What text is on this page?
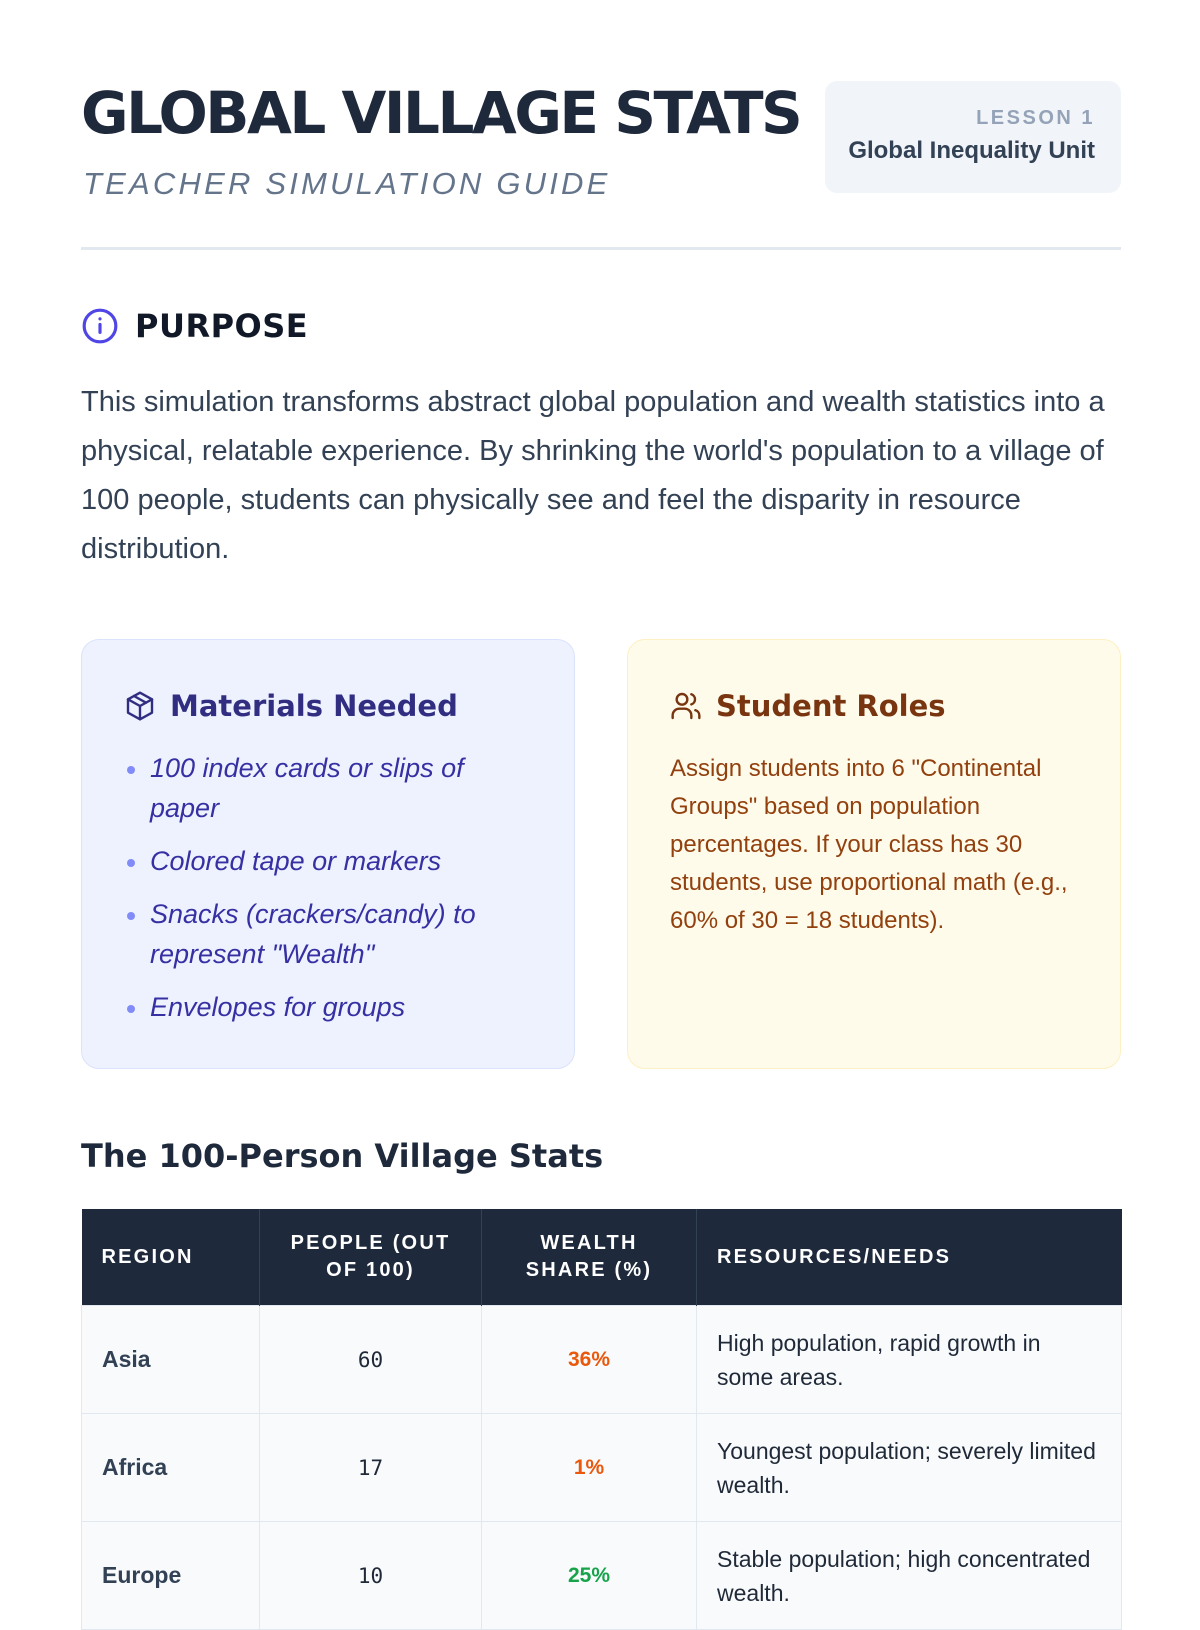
GLOBAL VILLAGE STATS
TEACHER SIMULATION GUIDE
LESSON 1
Global Inequality Unit
PURPOSE

This simulation transforms abstract global population and wealth statistics into a physical, relatable experience. By shrinking the world's population to a village of 100 people, students can physically see and feel the disparity in resource distribution.

Materials Needed
100 index cards or slips of paper
Colored tape or markers
Snacks (crackers/candy) to represent "Wealth"
Envelopes for groups
Student Roles

Assign students into 6 "Continental Groups" based on population percentages. If your class has 30 students, use proportional math (e.g., 60% of 30 = 18 students).

The 100-Person Village Stats
REGION	PEOPLE (OUT OF 100)	WEALTH SHARE (%)	RESOURCES/NEEDS
Asia	60	36%	High population, rapid growth in some areas.
Africa	17	1%	Youngest population; severely limited wealth.
Europe	10	25%	Stable population; high concentrated wealth.
